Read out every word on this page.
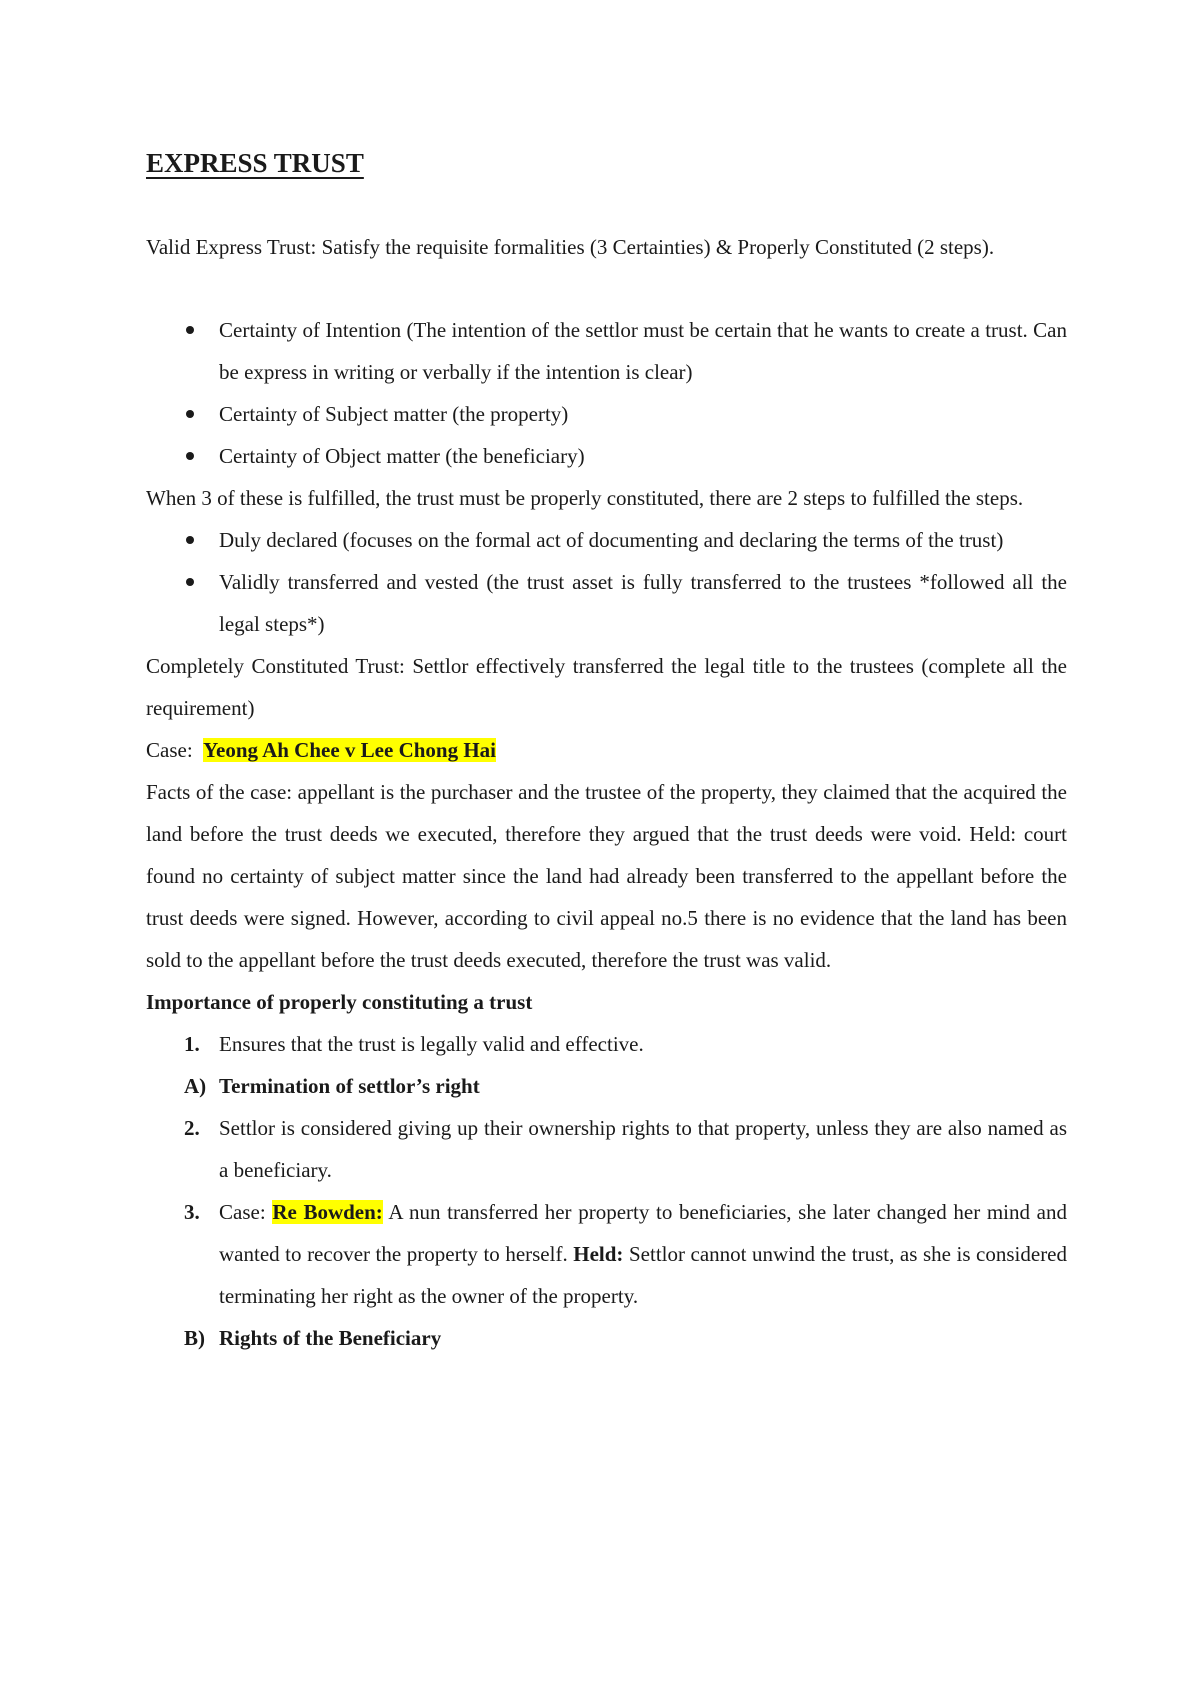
EXPRESS TRUST

Valid Express Trust: Satisfy the requisite formalities (3 Certainties) & Properly Constituted (2 steps).

Certainty of Intention (The intention of the settlor must be certain that he wants to create a trust. Can be express in writing or verbally if the intention is clear)
Certainty of Subject matter (the property)
Certainty of Object matter (the beneficiary)

When 3 of these is fulfilled, the trust must be properly constituted, there are 2 steps to fulfilled the steps.

Duly declared (focuses on the formal act of documenting and declaring the terms of the trust)
Validly transferred and vested (the trust asset is fully transferred to the trustees *followed all the legal steps*)

Completely Constituted Trust: Settlor effectively transferred the legal title to the trustees (complete all the requirement)

Case: Yeong Ah Chee v Lee Chong Hai

Facts of the case: appellant is the purchaser and the trustee of the property, they claimed that the acquired the land before the trust deeds we executed, therefore they argued that the trust deeds were void. Held: court found no certainty of subject matter since the land had already been transferred to the appellant before the trust deeds were signed. However, according to civil appeal no.5 there is no evidence that the land has been sold to the appellant before the trust deeds executed, therefore the trust was valid.

Importance of properly constituting a trust

1. Ensures that the trust is legally valid and effective.
A) Termination of settlor’s right
2. Settlor is considered giving up their ownership rights to that property, unless they are also named as a beneficiary.
3. Case: Re Bowden: A nun transferred her property to beneficiaries, she later changed her mind and wanted to recover the property to herself. Held: Settlor cannot unwind the trust, as she is considered terminating her right as the owner of the property.
B) Rights of the Beneficiary
